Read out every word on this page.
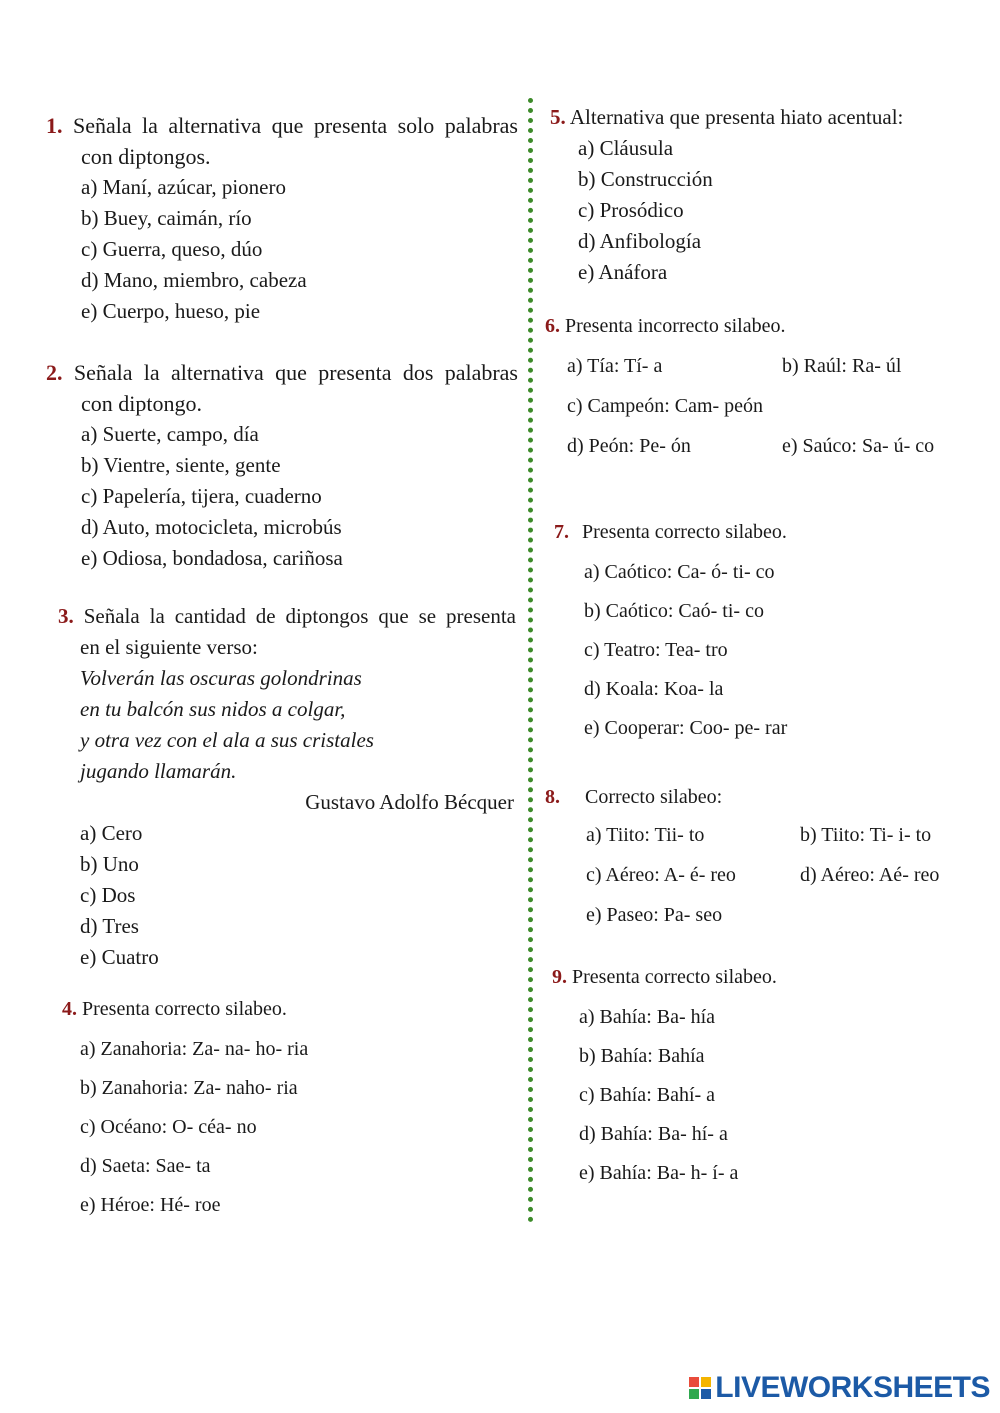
1. Señala la alternativa que presenta solo palabras
con diptongos.
a) Maní, azúcar, pionero
b) Buey, caimán, río
c) Guerra, queso, dúo
d) Mano, miembro, cabeza
e) Cuerpo, hueso, pie
2. Señala la alternativa que presenta dos palabras
con diptongo.
a) Suerte, campo, día
b) Vientre, siente, gente
c) Papelería, tijera, cuaderno
d) Auto, motocicleta, microbús
e) Odiosa, bondadosa, cariñosa
3. Señala la cantidad de diptongos que se presenta
en el siguiente verso:
Volverán las oscuras golondrinas
en tu balcón sus nidos a colgar,
y otra vez con el ala a sus cristales
jugando llamarán.
Gustavo Adolfo Bécquer
a) Cero
b) Uno
c) Dos
d) Tres
e) Cuatro
4. Presenta correcto silabeo.
a) Zanahoria: Za- na- ho- ria
b) Zanahoria: Za- naho- ria
c) Océano: O- céa- no
d) Saeta: Sae- ta
e) Héroe: Hé- roe
5. Alternativa que presenta hiato acentual:
a) Cláusula
b) Construcción
c) Prosódico
d) Anfibología
e) Anáfora
6. Presenta incorrecto silabeo.
a) Tía: Tí- a	b) Raúl: Ra- úl
c) Campeón: Cam- peón
d) Peón: Pe- ón	e) Saúco: Sa- ú- co
7. Presenta correcto silabeo.
a) Caótico: Ca- ó- ti- co
b) Caótico: Caó- ti- co
c) Teatro: Tea- tro
d) Koala: Koa- la
e) Cooperar: Coo- pe- rar
8. Correcto silabeo:
a) Tiito: Tii- to	b) Tiito: Ti- i- to
c) Aéreo: A- é- reo	d) Aéreo: Aé- reo
e) Paseo: Pa- seo
9. Presenta correcto silabeo.
a) Bahía: Ba- hía
b) Bahía: Bahía
c) Bahía: Bahí- a
d) Bahía: Ba- hí- a
e) Bahía: Ba- h- í- a
LIVEWORKSHEETS
